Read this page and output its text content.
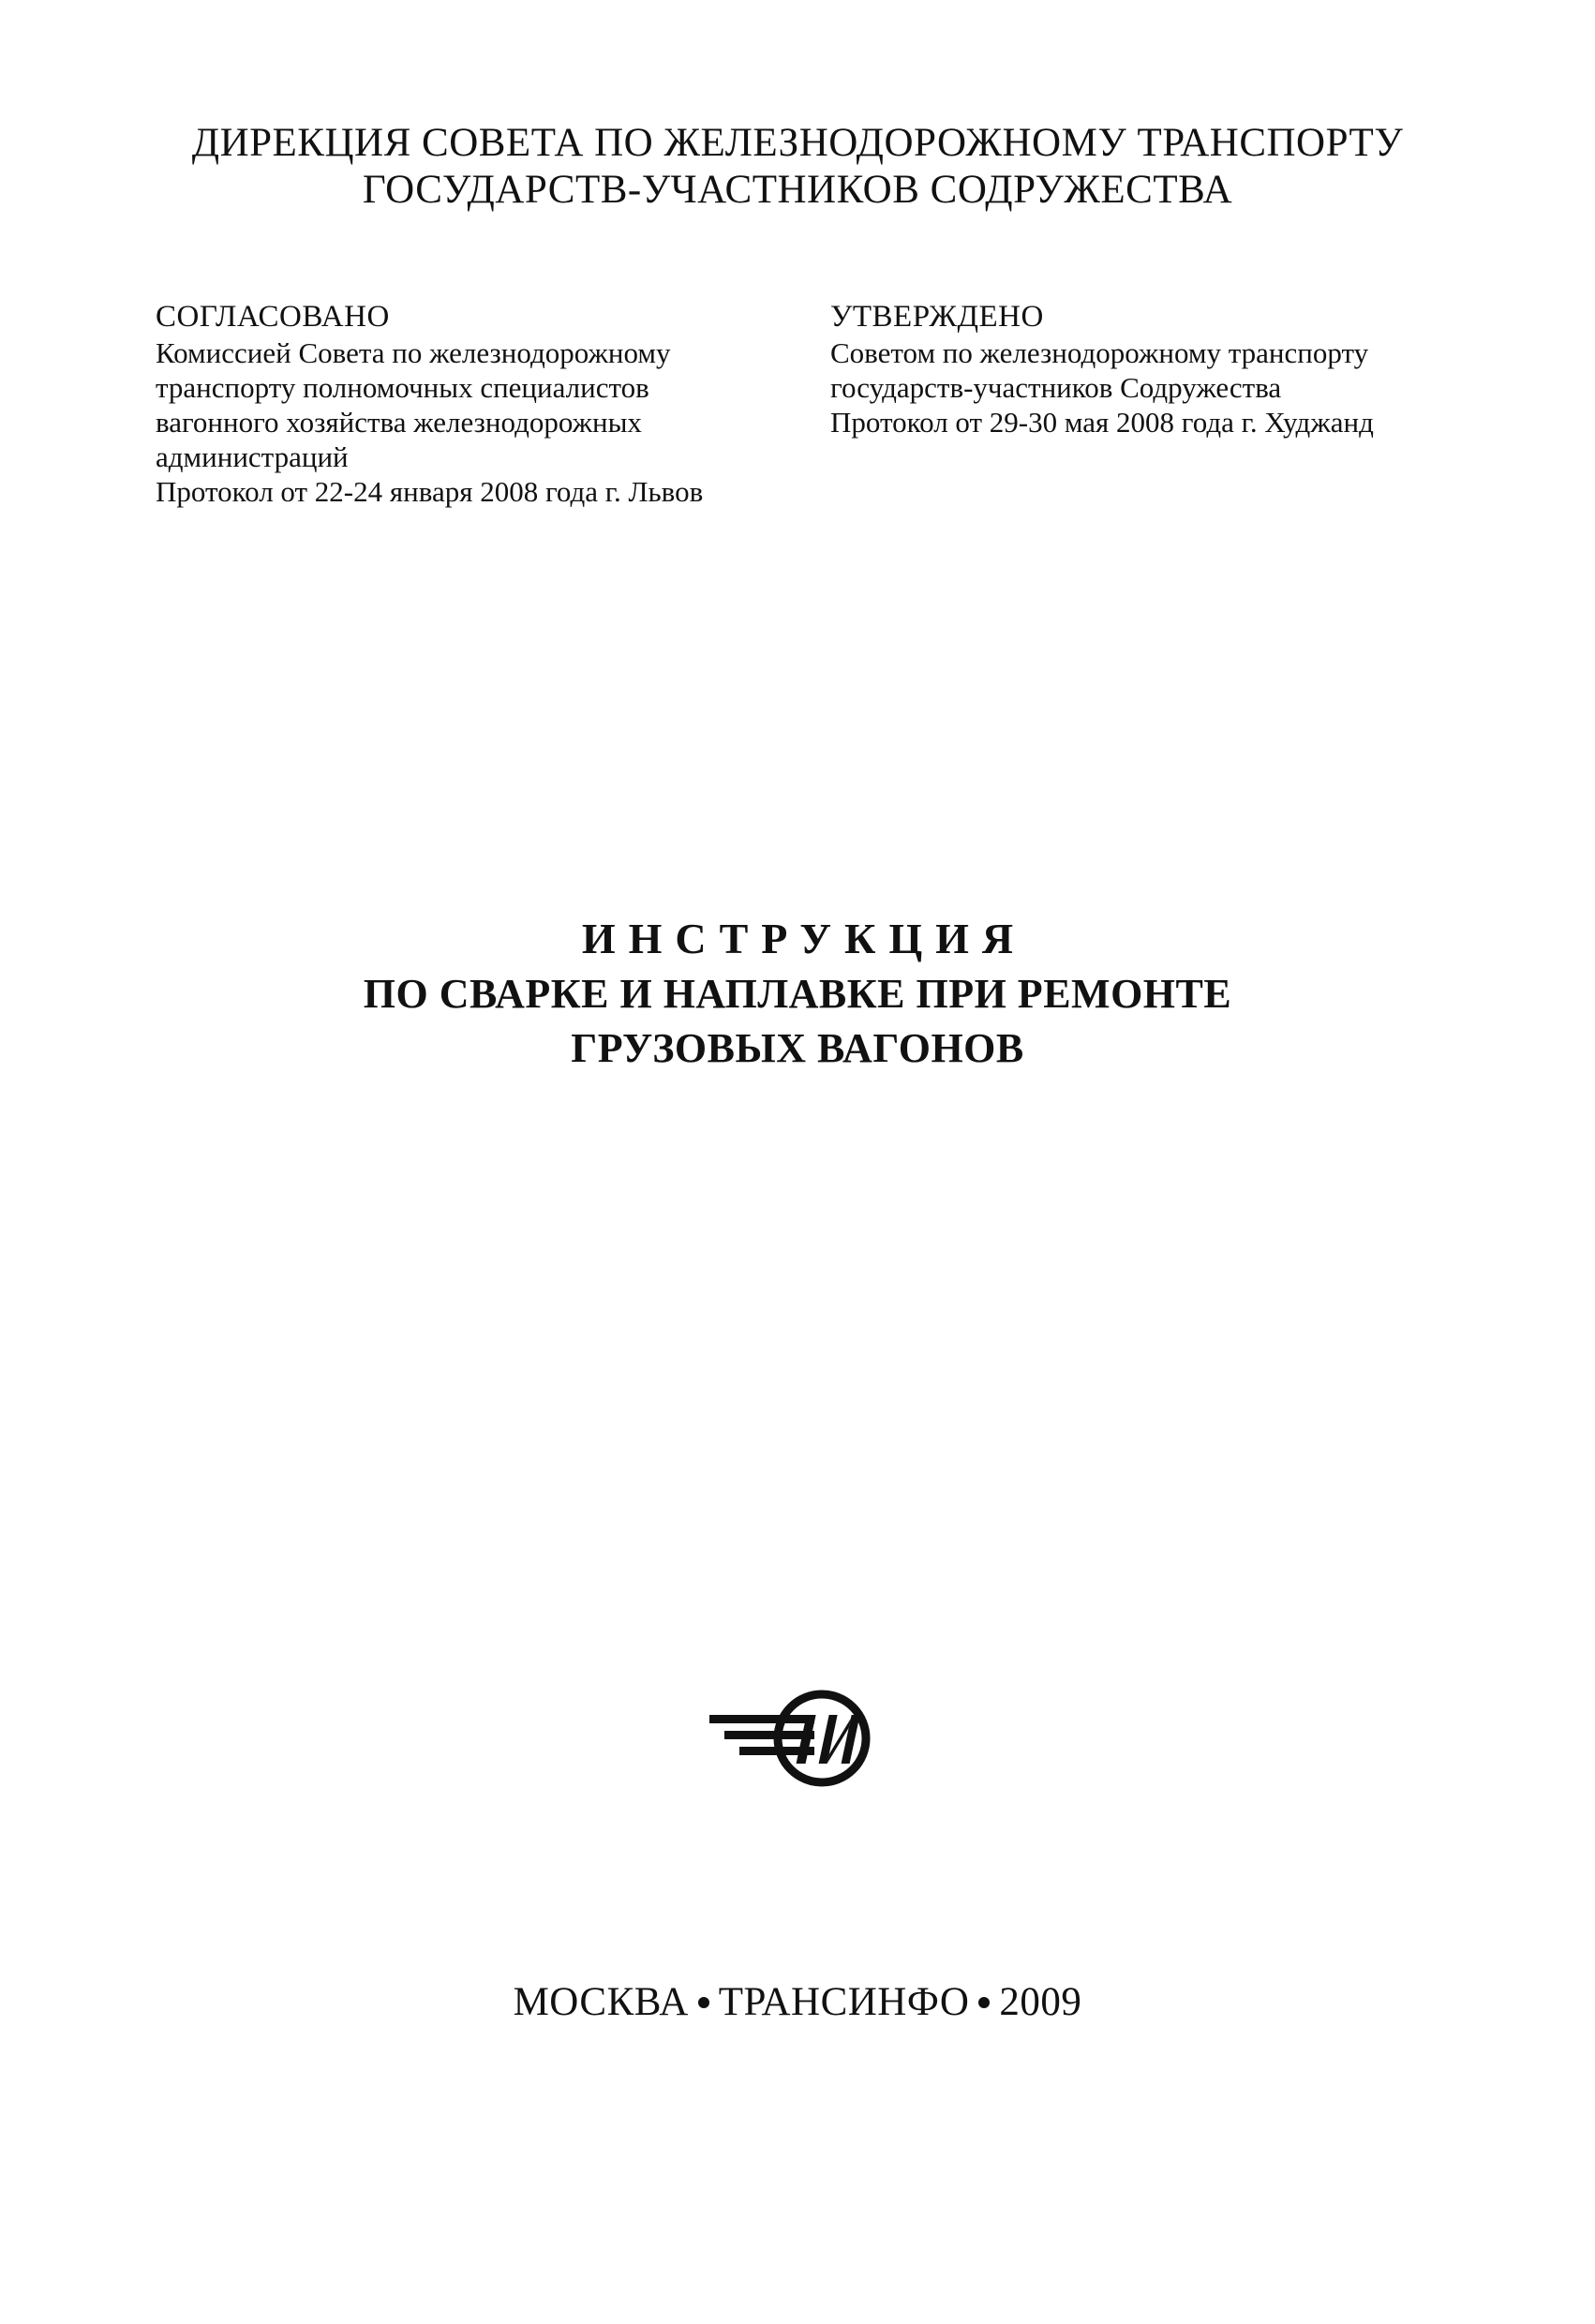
ДИРЕКЦИЯ СОВЕТА ПО ЖЕЛЕЗНОДОРОЖНОМУ ТРАНСПОРТУ
ГОСУДАРСТВ-УЧАСТНИКОВ СОДРУЖЕСТВА
СОГЛАСОВАНО
Комиссией Совета по железнодорожному
транспорту полномочных специалистов
вагонного хозяйства железнодорожных
администраций
Протокол от 22-24 января 2008 года г. Львов
УТВЕРЖДЕНО
Советом по железнодорожному транспорту
государств-участников Содружества
Протокол от 29-30 мая 2008 года г. Худжанд
ИНСТРУКЦИЯ
ПО СВАРКЕ И НАПЛАВКЕ ПРИ РЕМОНТЕ
ГРУЗОВЫХ ВАГОНОВ
МОСКВА ТРАНСИНФО 2009
